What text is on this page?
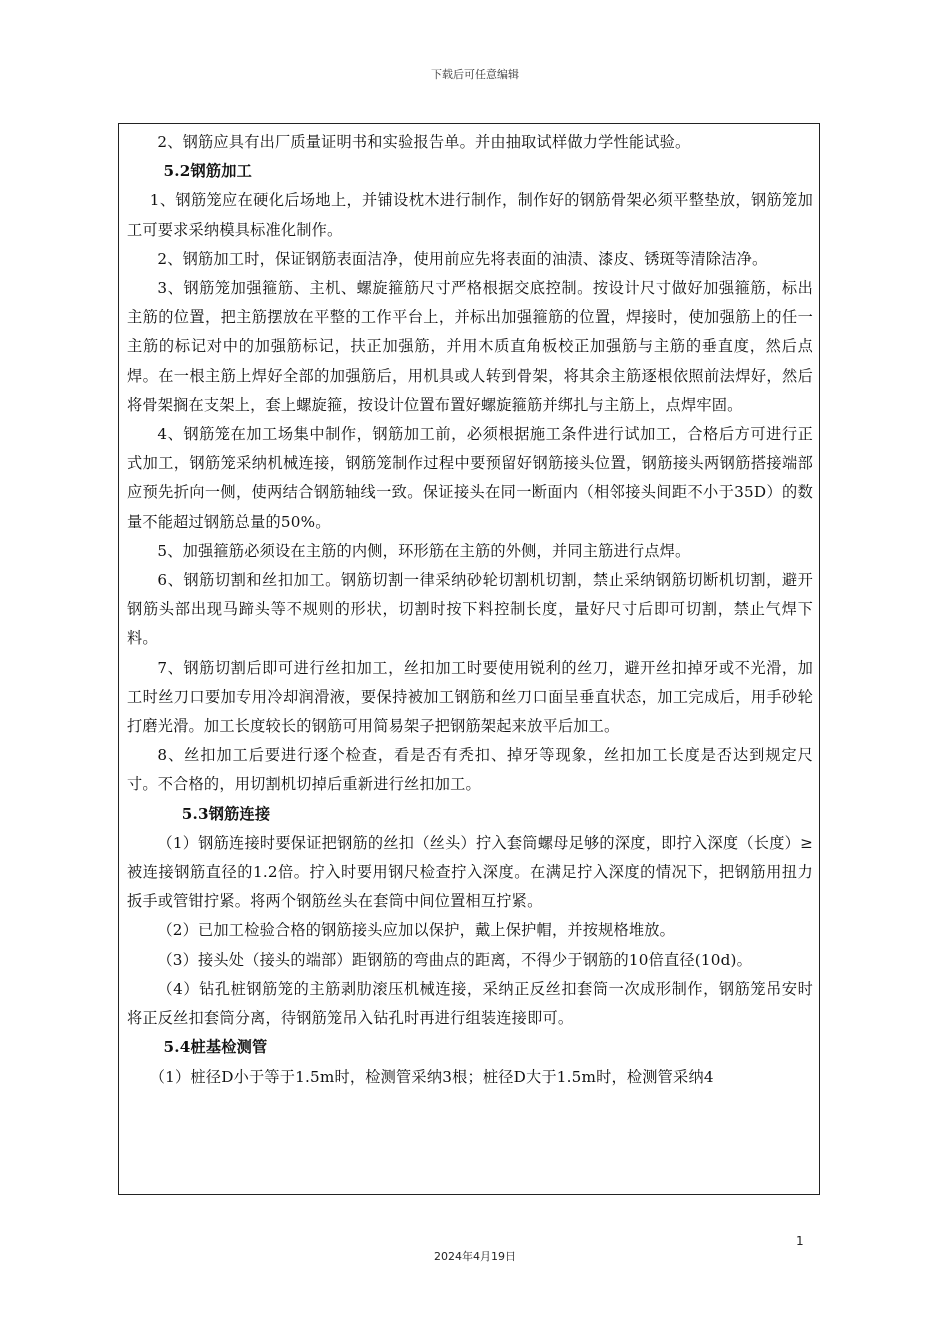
下载后可任意编辑

2、钢筋应具有出厂质量证明书和实验报告单。并由抽取试样做力学性能试验。

5.2钢筋加工

1、钢筋笼应在硬化后场地上，并铺设枕木进行制作，制作好的钢筋骨架必须平整垫放，钢筋笼加工可要求采纳模具标准化制作。

2、钢筋加工时，保证钢筋表面洁净，使用前应先将表面的油渍、漆皮、锈斑等清除洁净。

3、钢筋笼加强箍筋、主机、螺旋箍筋尺寸严格根据交底控制。按设计尺寸做好加强箍筋，标出主筋的位置，把主筋摆放在平整的工作平台上，并标出加强箍筋的位置，焊接时，使加强筋上的任一主筋的标记对中的加强筋标记，扶正加强筋，并用木质直角板校正加强筋与主筋的垂直度，然后点焊。在一根主筋上焊好全部的加强筋后，用机具或人转到骨架，将其余主筋逐根依照前法焊好，然后将骨架搁在支架上，套上螺旋箍，按设计位置布置好螺旋箍筋并绑扎与主筋上，点焊牢固。

4、钢筋笼在加工场集中制作，钢筋加工前，必须根据施工条件进行试加工，合格后方可进行正式加工，钢筋笼采纳机械连接，钢筋笼制作过程中要预留好钢筋接头位置，钢筋接头两钢筋搭接端部应预先折向一侧，使两结合钢筋轴线一致。保证接头在同一断面内（相邻接头间距不小于35D）的数量不能超过钢筋总量的50%。

5、加强箍筋必须设在主筋的内侧，环形筋在主筋的外侧，并同主筋进行点焊。

6、钢筋切割和丝扣加工。钢筋切割一律采纳砂轮切割机切割，禁止采纳钢筋切断机切割，避开钢筋头部出现马蹄头等不规则的形状，切割时按下料控制长度，量好尺寸后即可切割，禁止气焊下料。

7、钢筋切割后即可进行丝扣加工，丝扣加工时要使用锐利的丝刀，避开丝扣掉牙或不光滑，加工时丝刀口要加专用冷却润滑液，要保持被加工钢筋和丝刀口面呈垂直状态，加工完成后，用手砂轮打磨光滑。加工长度较长的钢筋可用简易架子把钢筋架起来放平后加工。

8、丝扣加工后要进行逐个检查，看是否有秃扣、掉牙等现象，丝扣加工长度是否达到规定尺寸。不合格的，用切割机切掉后重新进行丝扣加工。

5.3钢筋连接

（1）钢筋连接时要保证把钢筋的丝扣（丝头）拧入套筒螺母足够的深度，即拧入深度（长度）≥被连接钢筋直径的1.2倍。拧入时要用钢尺检查拧入深度。在满足拧入深度的情况下，把钢筋用扭力扳手或管钳拧紧。将两个钢筋丝头在套筒中间位置相互拧紧。

（2）已加工检验合格的钢筋接头应加以保护，戴上保护帽，并按规格堆放。

（3）接头处（接头的端部）距钢筋的弯曲点的距离，不得少于钢筋的10倍直径(10d)。

（4）钻孔桩钢筋笼的主筋剥肋滚压机械连接，采纳正反丝扣套筒一次成形制作，钢筋笼吊安时将正反丝扣套筒分离，待钢筋笼吊入钻孔时再进行组装连接即可。

5.4桩基检测管

（1）桩径D小于等于1.5m时，检测管采纳3根；桩径D大于1.5m时，检测管采纳4

1
2024年4月19日
